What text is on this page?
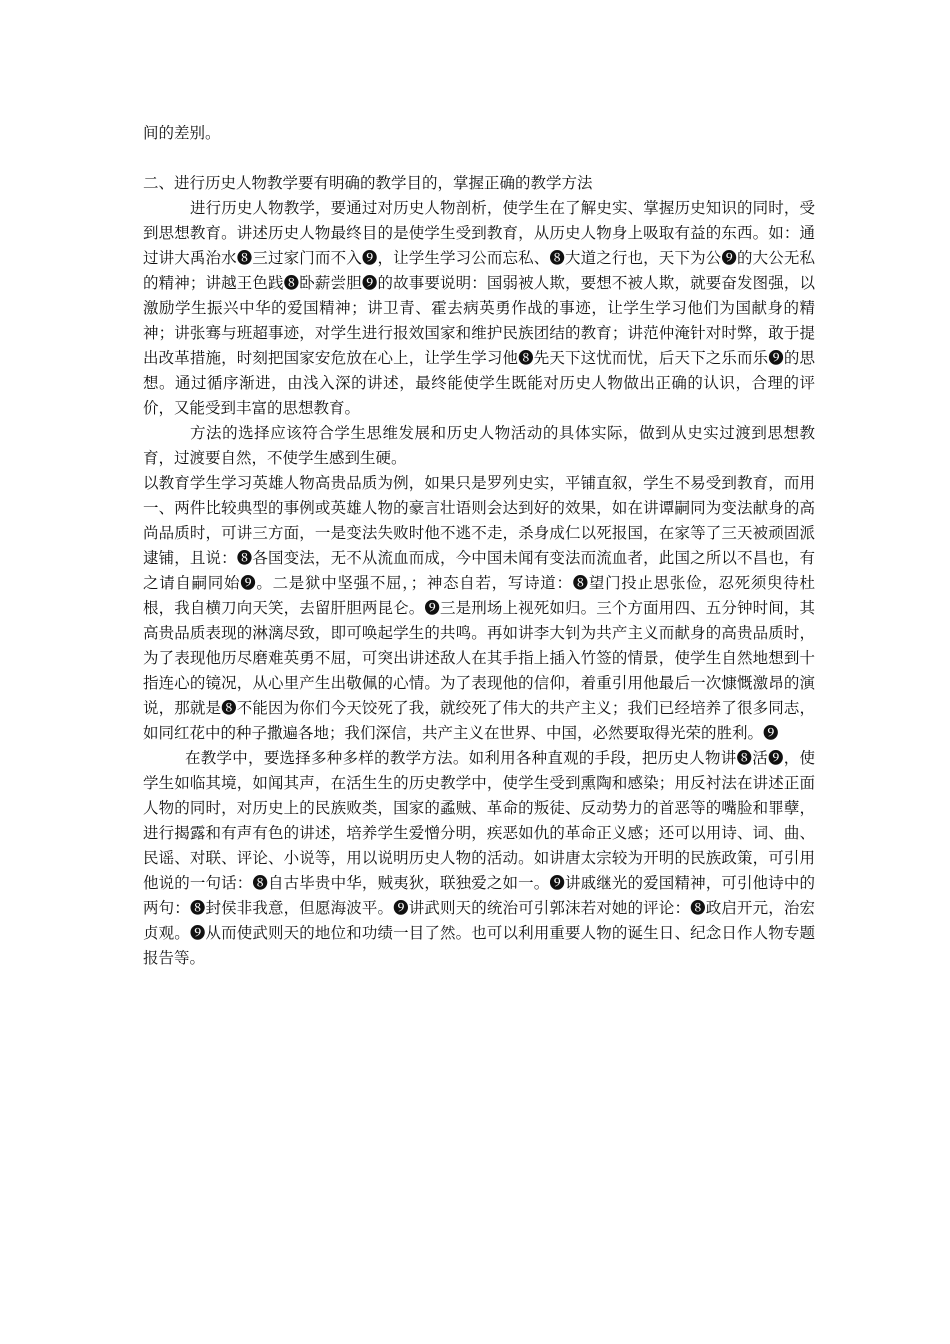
间的差别。

二、进行历史人物教学要有明确的教学目的，掌握正确的教学方法

进行历史人物教学，要通过对历史人物剖析，使学生在了解史实、掌握历史知识的同时，受到思想教育。讲述历史人物最终目的是使学生受到教育，从历史人物身上吸取有益的东西。如：通过讲大禹治水❽三过家门而不入❾，让学生学习公而忘私、❽大道之行也，天下为公❾的大公无私的精神；讲越王色践❽卧薪尝胆❾的故事要说明：国弱被人欺，要想不被人欺，就要奋发图强，以激励学生振兴中华的爱国精神；讲卫青、霍去病英勇作战的事迹，让学生学习他们为国献身的精神；讲张骞与班超事迹，对学生进行报效国家和维护民族团结的教育；讲范仲淹针对时弊，敢于提出改革措施，时刻把国家安危放在心上，让学生学习他❽先天下这忧而忧，后天下之乐而乐❾的思想。通过循序渐进，由浅入深的讲述，最终能使学生既能对历史人物做出正确的认识，合理的评价，又能受到丰富的思想教育。

方法的选择应该符合学生思维发展和历史人物活动的具体实际，做到从史实过渡到思想教育，过渡要自然，不使学生感到生硬。

以教育学生学习英雄人物高贵品质为例，如果只是罗列史实，平铺直叙，学生不易受到教育，而用一、两件比较典型的事例或英雄人物的豪言壮语则会达到好的效果，如在讲谭嗣同为变法献身的高尚品质时，可讲三方面，一是变法失败时他不逃不走，杀身成仁以死报国，在家等了三天被顽固派逮铺，且说：❽各国变法，无不从流血而成，今中国未闻有变法而流血者，此国之所以不昌也，有之请自嗣同始❾。二是狱中坚强不屈，；神态自若，写诗道：❽望门投止思张俭，忍死须臾待杜根，我自横刀向天笑，去留肝胆两昆仑。❾三是刑场上视死如归。三个方面用四、五分钟时间，其高贵品质表现的淋漓尽致，即可唤起学生的共鸣。再如讲李大钊为共产主义而献身的高贵品质时，为了表现他历尽磨难英勇不屈，可突出讲述敌人在其手指上插入竹签的情景，使学生自然地想到十指连心的镜况，从心里产生出敬佩的心情。为了表现他的信仰，着重引用他最后一次慷慨激昂的演说，那就是❽不能因为你们今天饺死了我，就绞死了伟大的共产主义；我们已经培养了很多同志，如同红花中的种子撒遍各地；我们深信，共产主义在世界、中国，必然要取得光荣的胜利。❾

在教学中，要选择多种多样的教学方法。如利用各种直观的手段，把历史人物讲❽活❾，使学生如临其境，如闻其声，在活生生的历史教学中，使学生受到熏陶和感染；用反衬法在讲述正面人物的同时，对历史上的民族败类，国家的蟊贼、革命的叛徒、反动势力的首恶等的嘴脸和罪孽，进行揭露和有声有色的讲述，培养学生爱憎分明，疾恶如仇的革命正义感；还可以用诗、词、曲、民谣、对联、评论、小说等，用以说明历史人物的活动。如讲唐太宗较为开明的民族政策，可引用他说的一句话：❽自古毕贵中华，贼夷狄，联独爱之如一。❾讲戚继光的爱国精神，可引他诗中的两句：❽封侯非我意，但愿海波平。❾讲武则天的统治可引郭沫若对她的评论：❽政启开元，治宏贞观。❾从而使武则天的地位和功绩一目了然。也可以利用重要人物的诞生日、纪念日作人物专题报告等。
